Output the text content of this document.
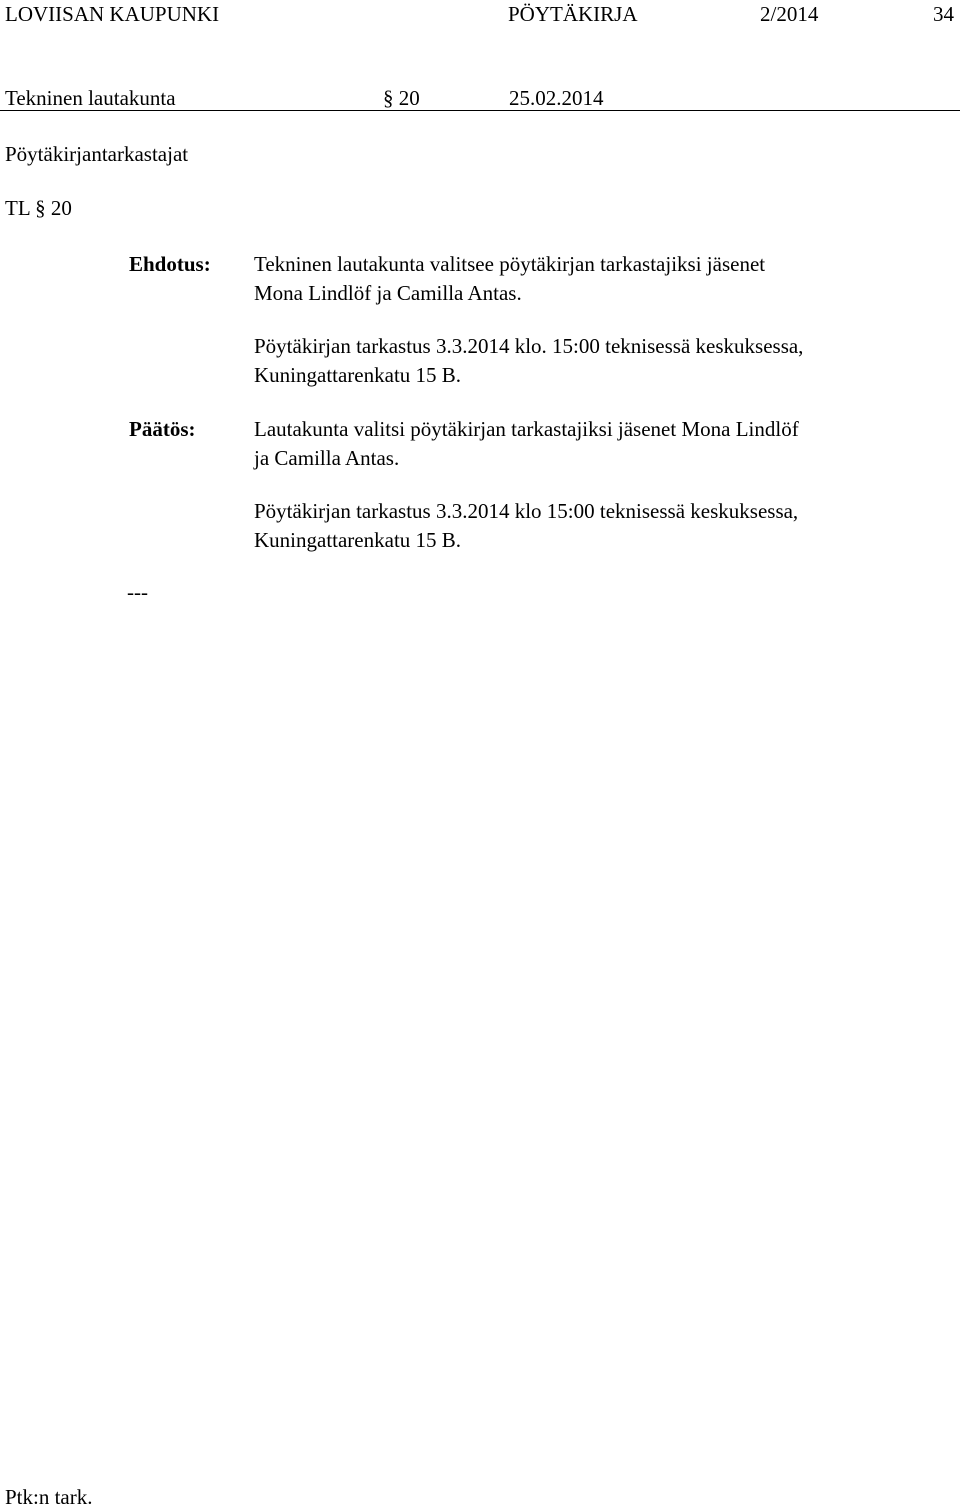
LOVIISAN KAUPUNKI	PÖYTÄKIRJA	2/2014	34
Tekninen lautakunta	§ 20	25.02.2014
Pöytäkirjantarkastajat
TL § 20
Ehdotus: Tekninen lautakunta valitsee pöytäkirjan tarkastajiksi jäsenet
Mona Lindlöf ja Camilla Antas.
Pöytäkirjan tarkastus 3.3.2014 klo. 15:00 teknisessä keskuksessa,
Kuningattarenkatu 15 B.
Päätös:	Lautakunta valitsi pöytäkirjan tarkastajiksi jäsenet Mona Lindlöf
ja Camilla Antas.
Pöytäkirjan tarkastus 3.3.2014 klo 15:00 teknisessä keskuksessa,
Kuningattarenkatu 15 B.
---
Ptk:n tark.
